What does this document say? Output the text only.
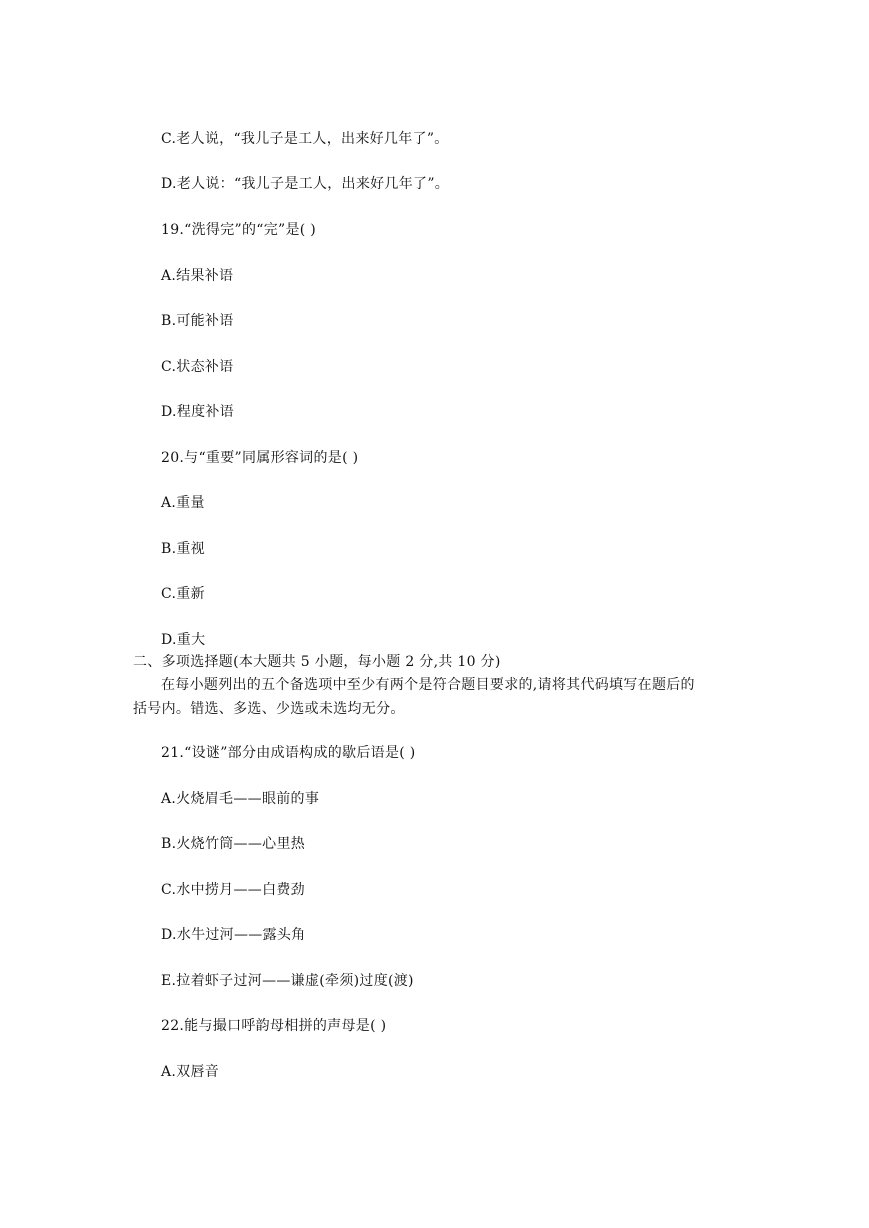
C.老人说，“我儿子是工人，出来好几年了”。
D.老人说：“我儿子是工人，出来好几年了”。
19.“洗得完”的“完”是( )
A.结果补语
B.可能补语
C.状态补语
D.程度补语
20.与“重要”同属形容词的是( )
A.重量
B.重视
C.重新
D.重大
二、多项选择题(本大题共 5 小题，每小题 2 分,共 10 分)
在每小题列出的五个备选项中至少有两个是符合题目要求的,请将其代码填写在题后的
括号内。错选、多选、少选或未选均无分。
21.“设谜”部分由成语构成的歇后语是( )
A.火烧眉毛——眼前的事
B.火烧竹筒——心里热
C.水中捞月——白费劲
D.水牛过河——露头角
E.拉着虾子过河——谦虚(牵须)过度(渡)
22.能与撮口呼韵母相拼的声母是( )
A.双唇音
